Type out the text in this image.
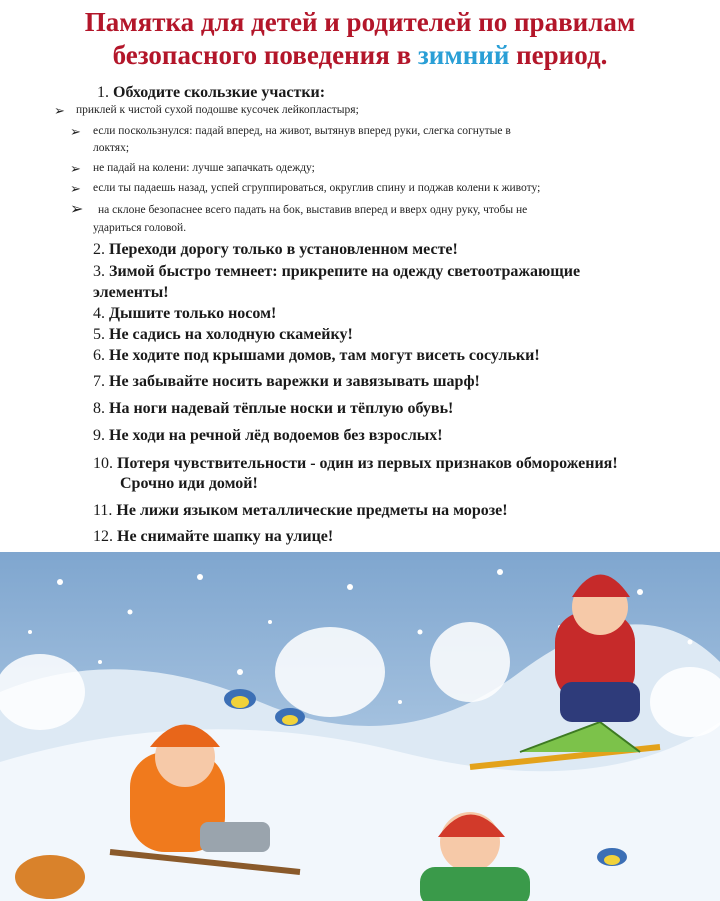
Памятка для детей и родителей по правилам
безопасного поведения в зимний период.
1. Обходите скользкие участки:
➢ приклей к чистой сухой подошве кусочек лейкопластыря;
➢ если поскользнулся: падай вперед, на живот, вытянув вперед руки, слегка согнутые в
локтях;
➢ не падай на колени: лучше запачкать одежду;
➢ если ты падаешь назад, успей сгруппироваться, округлив спину и поджав колени к животу;
➢ на склоне безопаснее всего падать на бок, выставив вперед и вверх одну руку, чтобы не
удариться головой.
2. Переходи дорогу только в установленном месте!
3. Зимой быстро темнеет: прикрепите на одежду светоотражающие
элементы!
4. Дышите только носом!
5. Не садись на холодную скамейку!
6. Не ходите под крышами домов, там могут висеть сосульки!
7. Не забывайте носить варежки и завязывать шарф!
8. На ноги надевай тёплые носки и тёплую обувь!
9. Не ходи на речной лёд водоемов без взрослых!
10. Потеря чувствительности - один из первых признаков обморожения!
Срочно иди домой!
11. Не лижи языком металлические предметы на морозе!
12. Не снимайте шапку на улице!
